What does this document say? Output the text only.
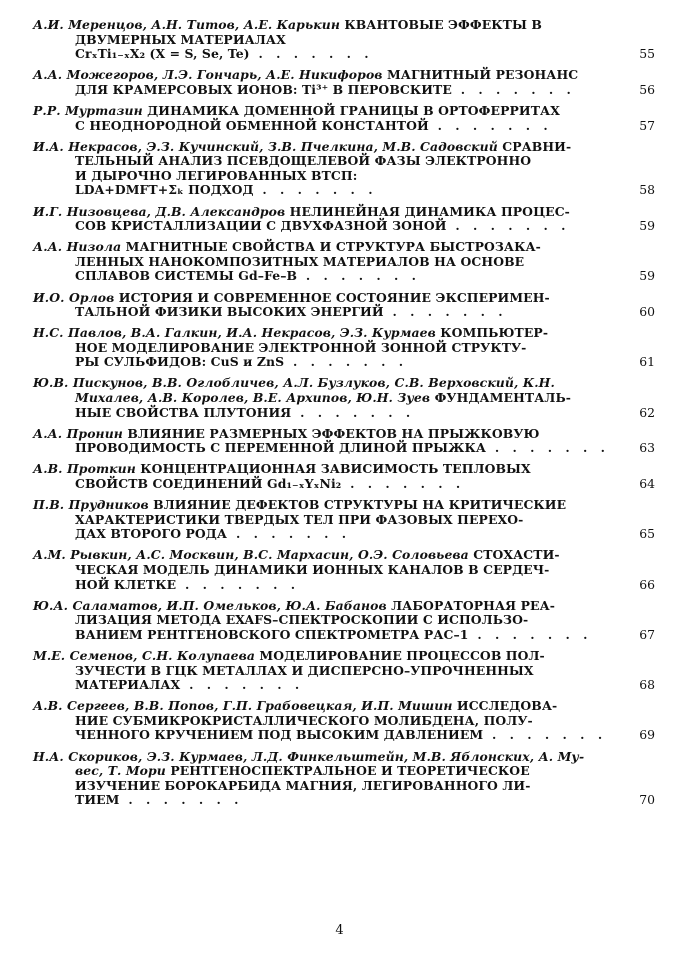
А.И. Меренцов, А.Н. Титов, А.Е. Карькин КВАНТОВЫЕ ЭФФЕКТЫ В
ДВУМЕРНЫХ МАТЕРИАЛАХ
CrₓTi₁₋ₓX₂ (X = S, Se, Te) . . . . . . .	55
А.А. Можегоров, Л.Э. Гончарь, А.Е. Никифоров МАГНИТНЫЙ РЕЗОНАНС
ДЛЯ КРАМЕРСОВЫХ ИОНОВ: Ti³⁺ В ПЕРОВСКИТЕ . . . . . . .	56
Р.Р. Муртазин ДИНАМИКА ДОМЕННОЙ ГРАНИЦЫ В ОРТОФЕРРИТАХ
С НЕОДНОРОДНОЙ ОБМЕННОЙ КОНСТАНТОЙ . . . . . . .	57
И.А. Некрасов, Э.З. Кучинский, З.В. Пчелкина, М.В. Садовский СРАВНИ-
ТЕЛЬНЫЙ АНАЛИЗ ПСЕВДОЩЕЛЕВОЙ ФАЗЫ ЭЛЕКТРОННО
И ДЫРОЧНО ЛЕГИРОВАННЫХ ВТСП:
LDA+DMFT+Σₖ ПОДХОД . . . . . . .	58
И.Г. Низовцева, Д.В. Александров НЕЛИНЕЙНАЯ ДИНАМИКА ПРОЦЕС-
СОВ КРИСТАЛЛИЗАЦИИ С ДВУХФАЗНОЙ ЗОНОЙ . . . . . . .	59
А.А. Низола МАГНИТНЫЕ СВОЙСТВА И СТРУКТУРА БЫСТРОЗАКА-
ЛЕННЫХ НАНОКОМПОЗИТНЫХ МАТЕРИАЛОВ НА ОСНОВЕ
СПЛАВОВ СИСТЕМЫ Gd–Fe–B . . . . . . .	59
И.О. Орлов ИСТОРИЯ И СОВРЕМЕННОЕ СОСТОЯНИЕ ЭКСПЕРИМЕН-
ТАЛЬНОЙ ФИЗИКИ ВЫСОКИХ ЭНЕРГИЙ . . . . . . .	60
Н.С. Павлов, В.А. Галкин, И.А. Некрасов, Э.З. Курмаев КОМПЬЮТЕР-
НОЕ МОДЕЛИРОВАНИЕ ЭЛЕКТРОННОЙ ЗОННОЙ СТРУКТУ-
РЫ СУЛЬФИДОВ: CuS и ZnS . . . . . . .	61
Ю.В. Пискунов, В.В. Оглобличев, А.Л. Бузлуков, С.В. Верховский, К.Н.
Михалев, А.В. Королев, В.Е. Архипов, Ю.Н. Зуев ФУНДАМЕНТАЛЬ-
НЫЕ СВОЙСТВА ПЛУТОНИЯ . . . . . . .	62
А.А. Пронин ВЛИЯНИЕ РАЗМЕРНЫХ ЭФФЕКТОВ НА ПРЫЖКОВУЮ
ПРОВОДИМОСТЬ С ПЕРЕМЕННОЙ ДЛИНОЙ ПРЫЖКА . . . . . . .	63
А.В. Проткин КОНЦЕНТРАЦИОННАЯ ЗАВИСИМОСТЬ ТЕПЛОВЫХ
СВОЙСТВ СОЕДИНЕНИЙ Gd₁₋ₓYₓNi₂ . . . . . . .	64
П.В. Прудников ВЛИЯНИЕ ДЕФЕКТОВ СТРУКТУРЫ НА КРИТИЧЕСКИЕ
ХАРАКТЕРИСТИКИ ТВЕРДЫХ ТЕЛ ПРИ ФАЗОВЫХ ПЕРЕХО-
ДАХ ВТОРОГО РОДА . . . . . . .	65
А.М. Рывкин, А.С. Москвин, В.С. Мархасин, О.Э. Соловьева СТОХАСТИ-
ЧЕСКАЯ МОДЕЛЬ ДИНАМИКИ ИОННЫХ КАНАЛОВ В СЕРДЕЧ-
НОЙ КЛЕТКЕ . . . . . . .	66
Ю.А. Саламатов, И.П. Омельков, Ю.А. Бабанов ЛАБОРАТОРНАЯ РЕА-
ЛИЗАЦИЯ МЕТОДА EXAFS–СПЕКТРОСКОПИИ С ИСПОЛЬЗО-
ВАНИЕМ РЕНТГЕНОВСКОГО СПЕКТРОМЕТРА РАС–1 . . . . . . .	67
М.Е. Семенов, С.Н. Колупаева МОДЕЛИРОВАНИЕ ПРОЦЕССОВ ПОЛ-
ЗУЧЕСТИ В ГЦК МЕТАЛЛАХ И ДИСПЕРСНО–УПРОЧНЕННЫХ
МАТЕРИАЛАХ . . . . . . .	68
А.В. Сергеев, В.В. Попов, Г.П. Грабовецкая, И.П. Мишин ИССЛЕДОВА-
НИЕ СУБМИКРОКРИСТАЛЛИЧЕСКОГО МОЛИБДЕНА, ПОЛУ-
ЧЕННОГО КРУЧЕНИЕМ ПОД ВЫСОКИМ ДАВЛЕНИЕМ . . . . . . .	69
Н.А. Скориков, Э.З. Курмаев, Л.Д. Финкельштейн, М.В. Яблонских, А. Му-
вес, Т. Мори РЕНТГЕНОСПЕКТРАЛЬНОЕ И ТЕОРЕТИЧЕСКОЕ
ИЗУЧЕНИЕ БОРОКАРБИДА МАГНИЯ, ЛЕГИРОВАННОГО ЛИ-
ТИЕМ . . . . . . .	70
4
